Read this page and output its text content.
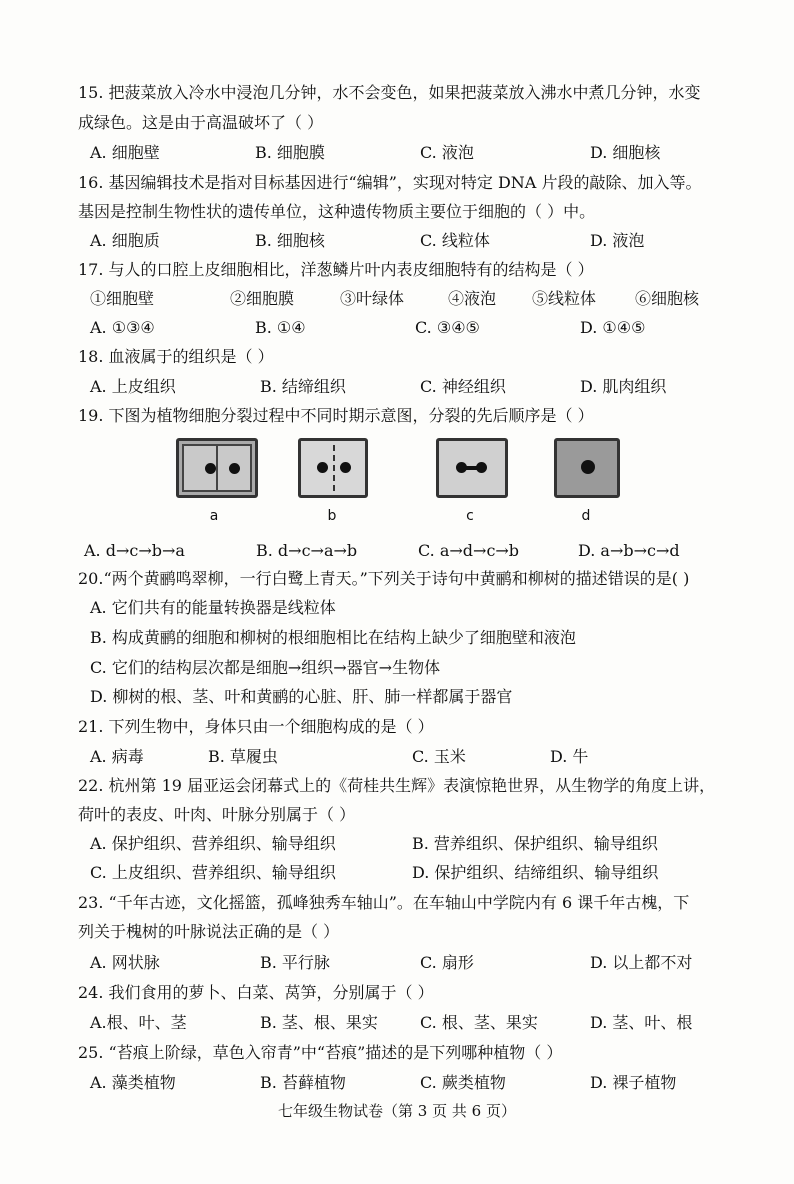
15. 把菠菜放入冷水中浸泡几分钟，水不会变色，如果把菠菜放入沸水中煮几分钟，水变
成绿色。这是由于高温破坏了（ ）
A. 细胞壁	B. 细胞膜	C. 液泡	D. 细胞核
16. 基因编辑技术是指对目标基因进行“编辑”，实现对特定 DNA 片段的敲除、加入等。
基因是控制生物性状的遗传单位，这种遗传物质主要位于细胞的（ ）中。
A. 细胞质	B. 细胞核	C. 线粒体	D. 液泡
17. 与人的口腔上皮细胞相比，洋葱鳞片叶内表皮细胞特有的结构是（ ）
①细胞壁	②细胞膜	③叶绿体	④液泡 ⑤线粒体 ⑥细胞核
A. ①③④	B. ①④	C. ③④⑤	D. ①④⑤
18. 血液属于的组织是（ ）
A. 上皮组织	B. 结缔组织	C. 神经组织	D. 肌肉组织
19. 下图为植物细胞分裂过程中不同时期示意图，分裂的先后顺序是（ ）
a	b	c	d
A. d→c→b→a	B. d→c→a→b	C. a→d→c→b	D. a→b→c→d
20.“两个黄鹂鸣翠柳，一行白鹭上青天。”下列关于诗句中黄鹂和柳树的描述错误的是( )
A. 它们共有的能量转换器是线粒体
B. 构成黄鹂的细胞和柳树的根细胞相比在结构上缺少了细胞壁和液泡
C. 它们的结构层次都是细胞→组织→器官→生物体
D. 柳树的根、茎、叶和黄鹂的心脏、肝、肺一样都属于器官
21. 下列生物中，身体只由一个细胞构成的是（ ）
A. 病毒	B. 草履虫	C. 玉米	D. 牛
22. 杭州第 19 届亚运会闭幕式上的《荷桂共生辉》表演惊艳世界，从生物学的角度上讲，
荷叶的表皮、叶肉、叶脉分别属于（ ）
A. 保护组织、营养组织、输导组织	B. 营养组织、保护组织、输导组织
C. 上皮组织、营养组织、输导组织	D. 保护组织、结缔组织、输导组织
23. “千年古迹，文化摇篮，孤峰独秀车轴山”。在车轴山中学院内有 6 课千年古槐，下
列关于槐树的叶脉说法正确的是（ ）
A. 网状脉	B. 平行脉	C. 扇形	D. 以上都不对
24. 我们食用的萝卜、白菜、莴笋，分别属于（ ）
A.根、叶、茎	B. 茎、根、果实	C. 根、茎、果实	D. 茎、叶、根
25. “苔痕上阶绿，草色入帘青”中“苔痕”描述的是下列哪种植物（ ）
A. 藻类植物	B. 苔藓植物	C. 蕨类植物	D. 裸子植物
七年级生物试卷（第 3 页 共 6 页）
